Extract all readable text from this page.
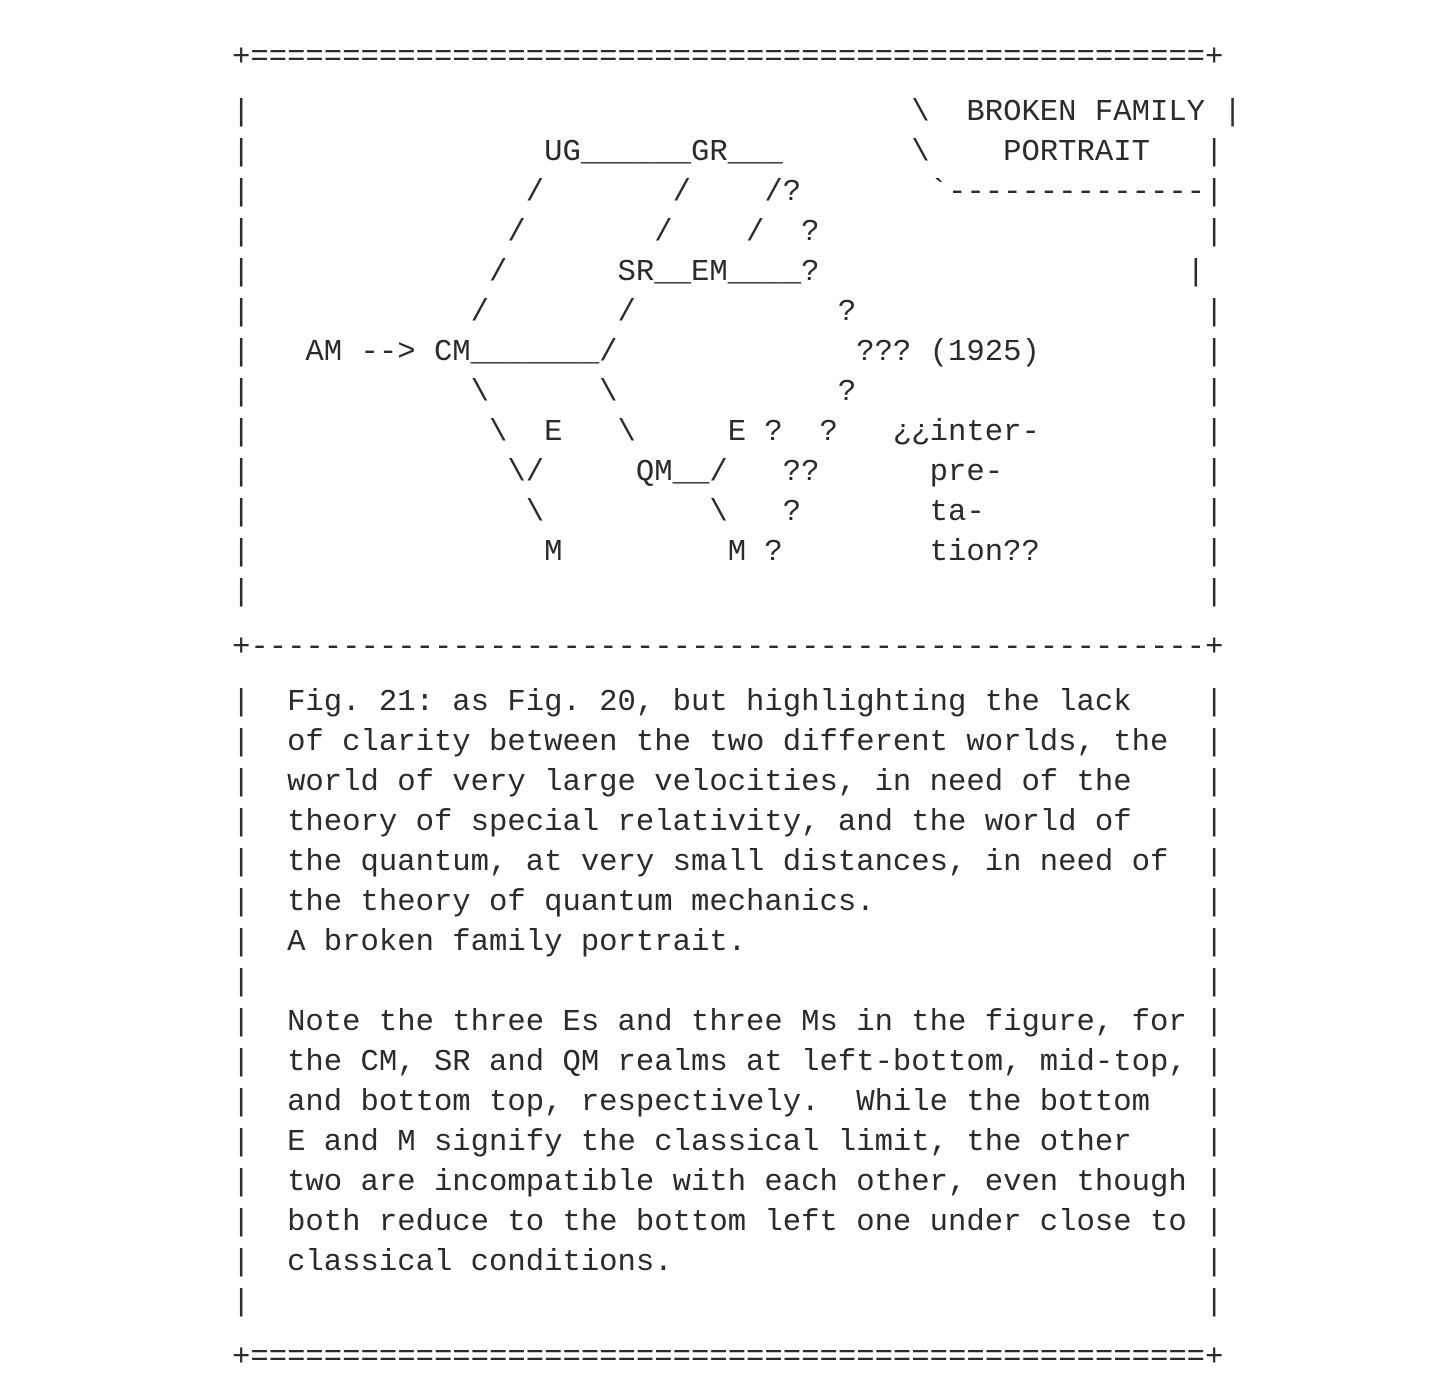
+====================================================+

|                                    \  BROKEN FAMILY |
|                UG______GR___       \    PORTRAIT   |
|               /       /    /?       `--------------|
|              /       /    /  ?                     |
|             /      SR__EM____?                    |
|            /       /           ?                   |
|   AM --> CM_______/             ??? (1925)         |
|            \      \            ?                   |
|             \  E   \     E ?  ?   ¿¿inter-         |
|              \/     QM__/   ??      pre-           |
|               \         \   ?       ta-            |
|                M         M ?        tion??         |
|                                                    |

+----------------------------------------------------+

|  Fig. 21: as Fig. 20, but highlighting the lack    |
|  of clarity between the two different worlds, the  |
|  world of very large velocities, in need of the    |
|  theory of special relativity, and the world of    |
|  the quantum, at very small distances, in need of  |
|  the theory of quantum mechanics.                  |
|  A broken family portrait.                         |
|                                                    |
|  Note the three Es and three Ms in the figure, for |
|  the CM, SR and QM realms at left-bottom, mid-top, |
|  and bottom top, respectively.  While the bottom   |
|  E and M signify the classical limit, the other    |
|  two are incompatible with each other, even though |
|  both reduce to the bottom left one under close to |
|  classical conditions.                             |
|                                                    |

+====================================================+
